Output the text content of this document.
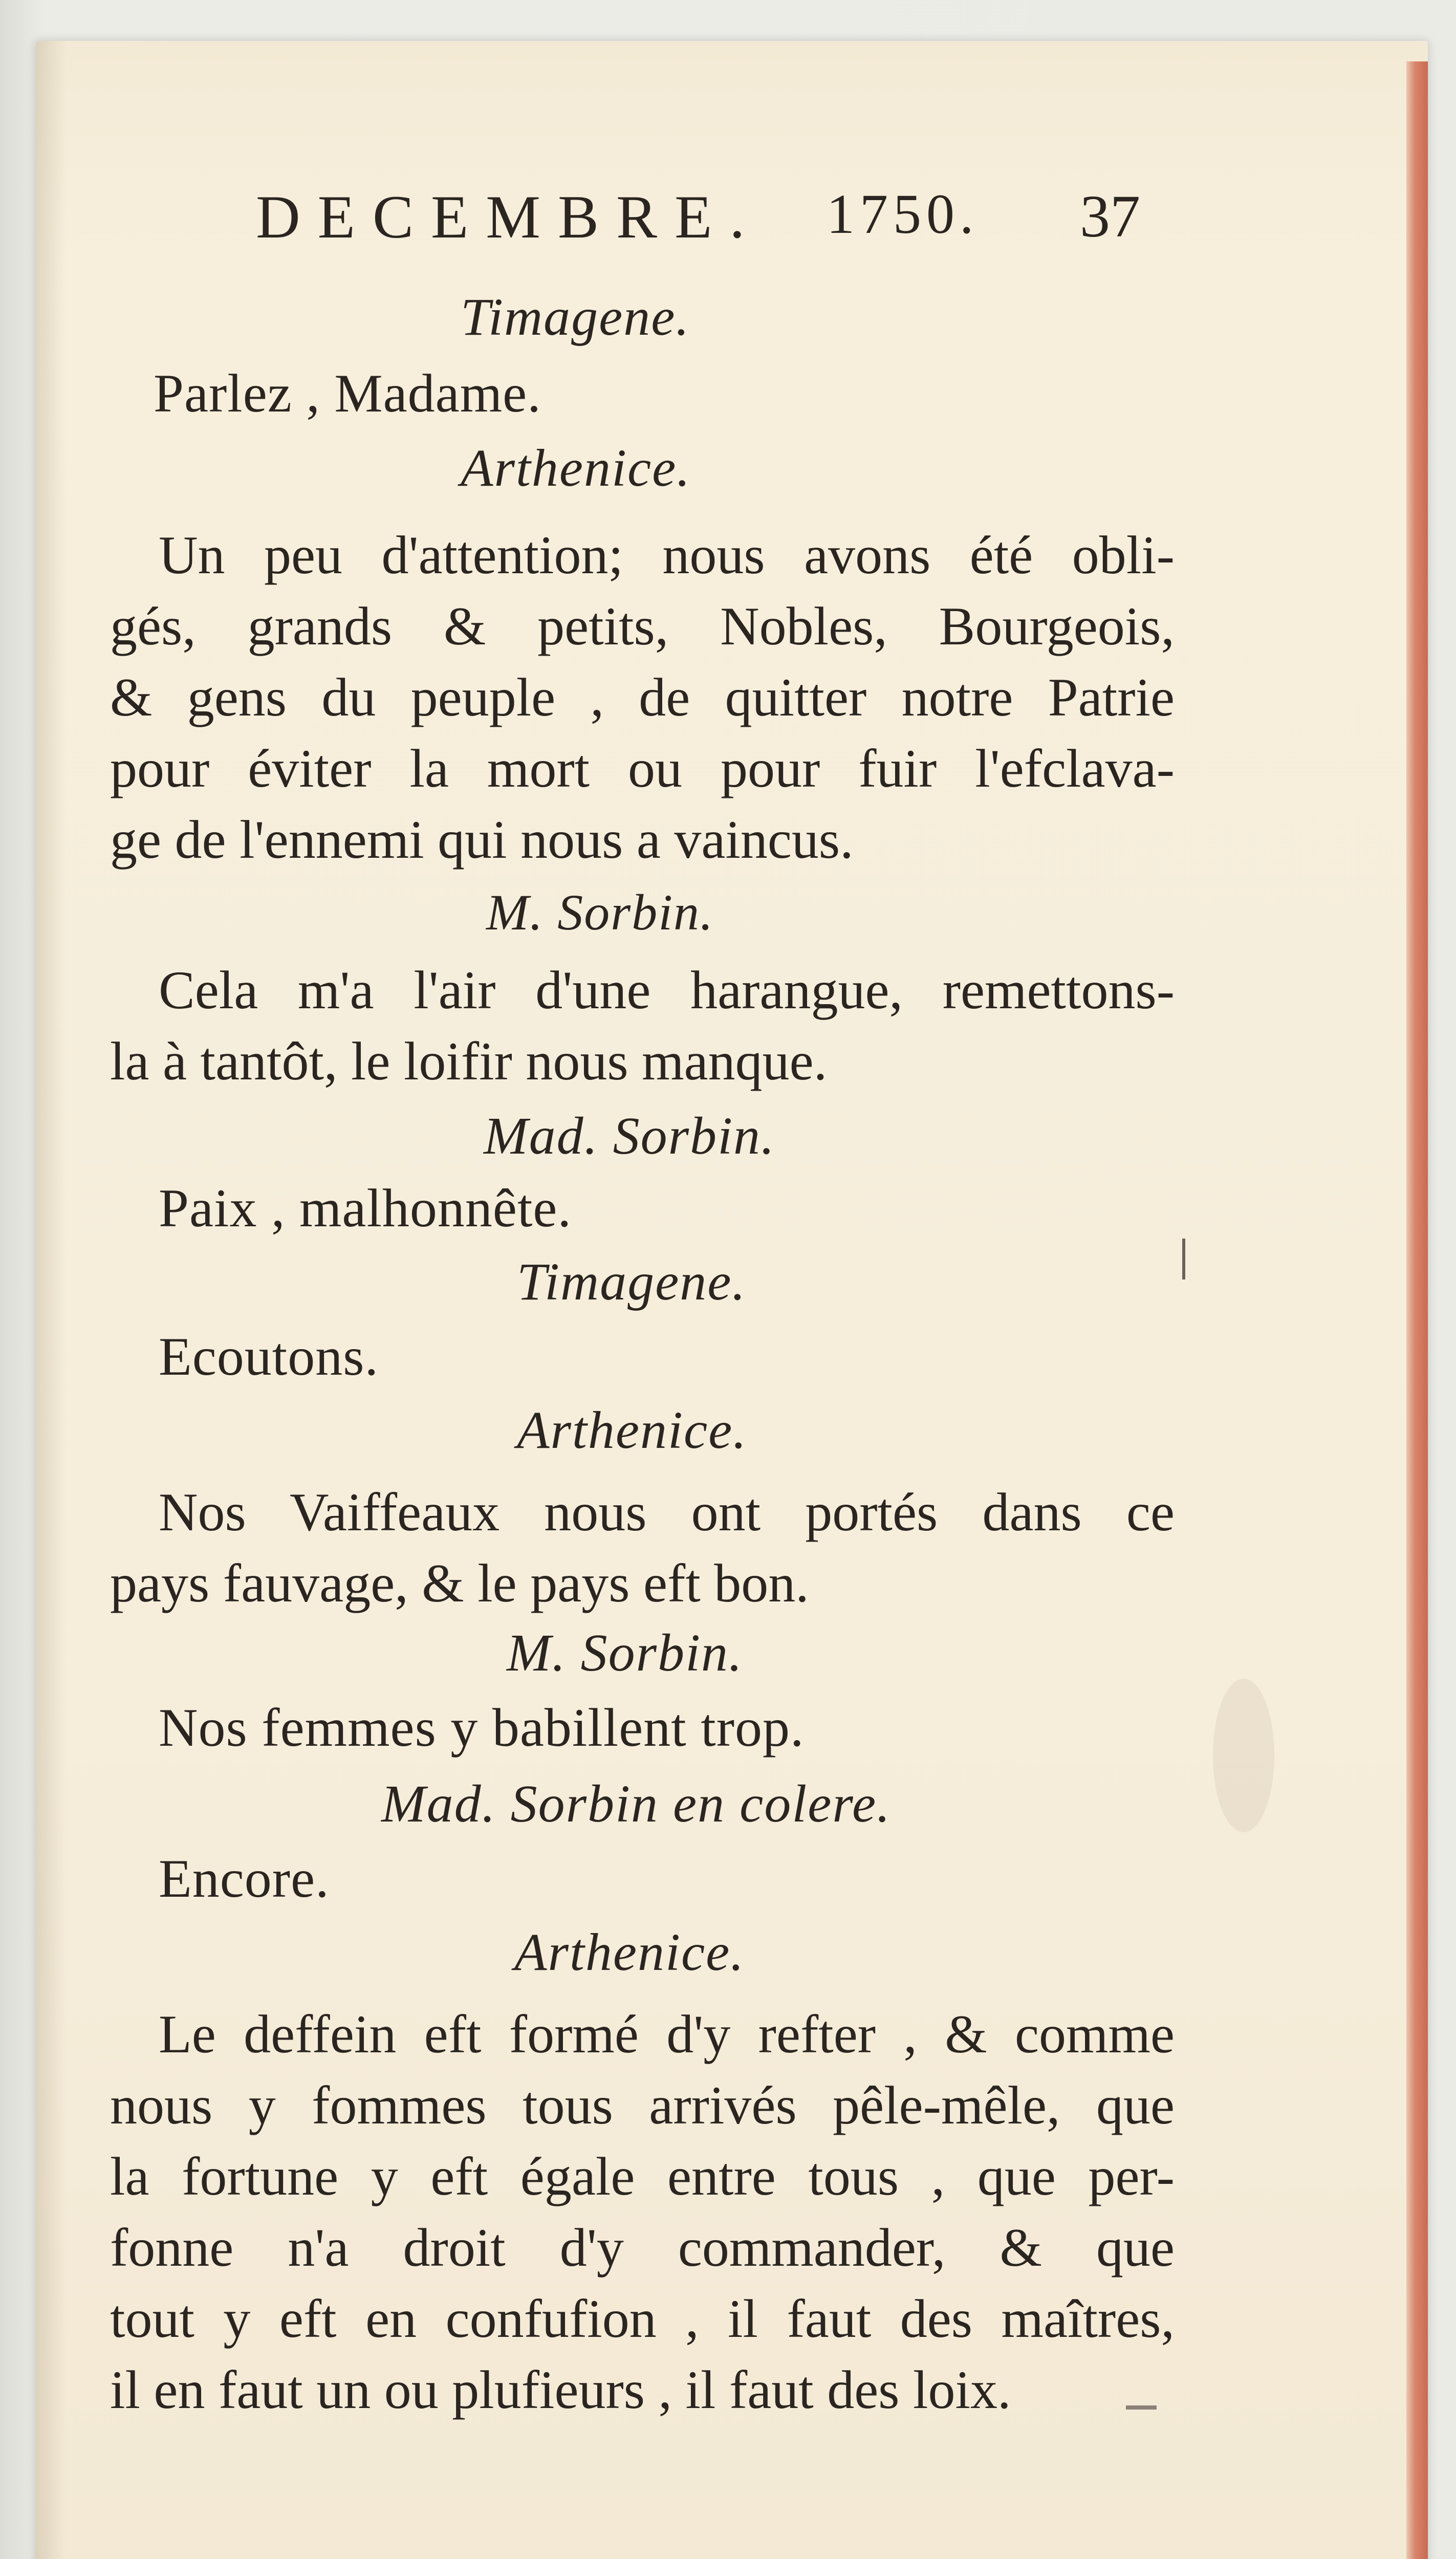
DECEMBRE. 1750. 37
Timagene.
Parlez , Madame.
Arthenice.
Un peu d'attention; nous avons été obli-
gés, grands & petits, Nobles, Bourgeois,
& gens du peuple , de quitter notre Patrie
pour éviter la mort ou pour fuir l'efclava-
ge de l'ennemi qui nous a vaincus.
M. Sorbin.
Cela m'a l'air d'une harangue, remettons-
la à tantôt, le loifir nous manque.
Mad. Sorbin.
Paix , malhonnête.
Timagene.
Ecoutons.
Arthenice.
Nos Vaiffeaux nous ont portés dans ce
pays fauvage, & le pays eft bon.
M. Sorbin.
Nos femmes y babillent trop.
Mad. Sorbin en colere.
Encore.
Arthenice.
Le deffein eft formé d'y refter , & comme
nous y fommes tous arrivés pêle-mêle, que
la fortune y eft égale entre tous , que per-
fonne n'a droit d'y commander, & que
tout y eft en confufion , il faut des maîtres,
il en faut un ou plufieurs , il faut des loix.
